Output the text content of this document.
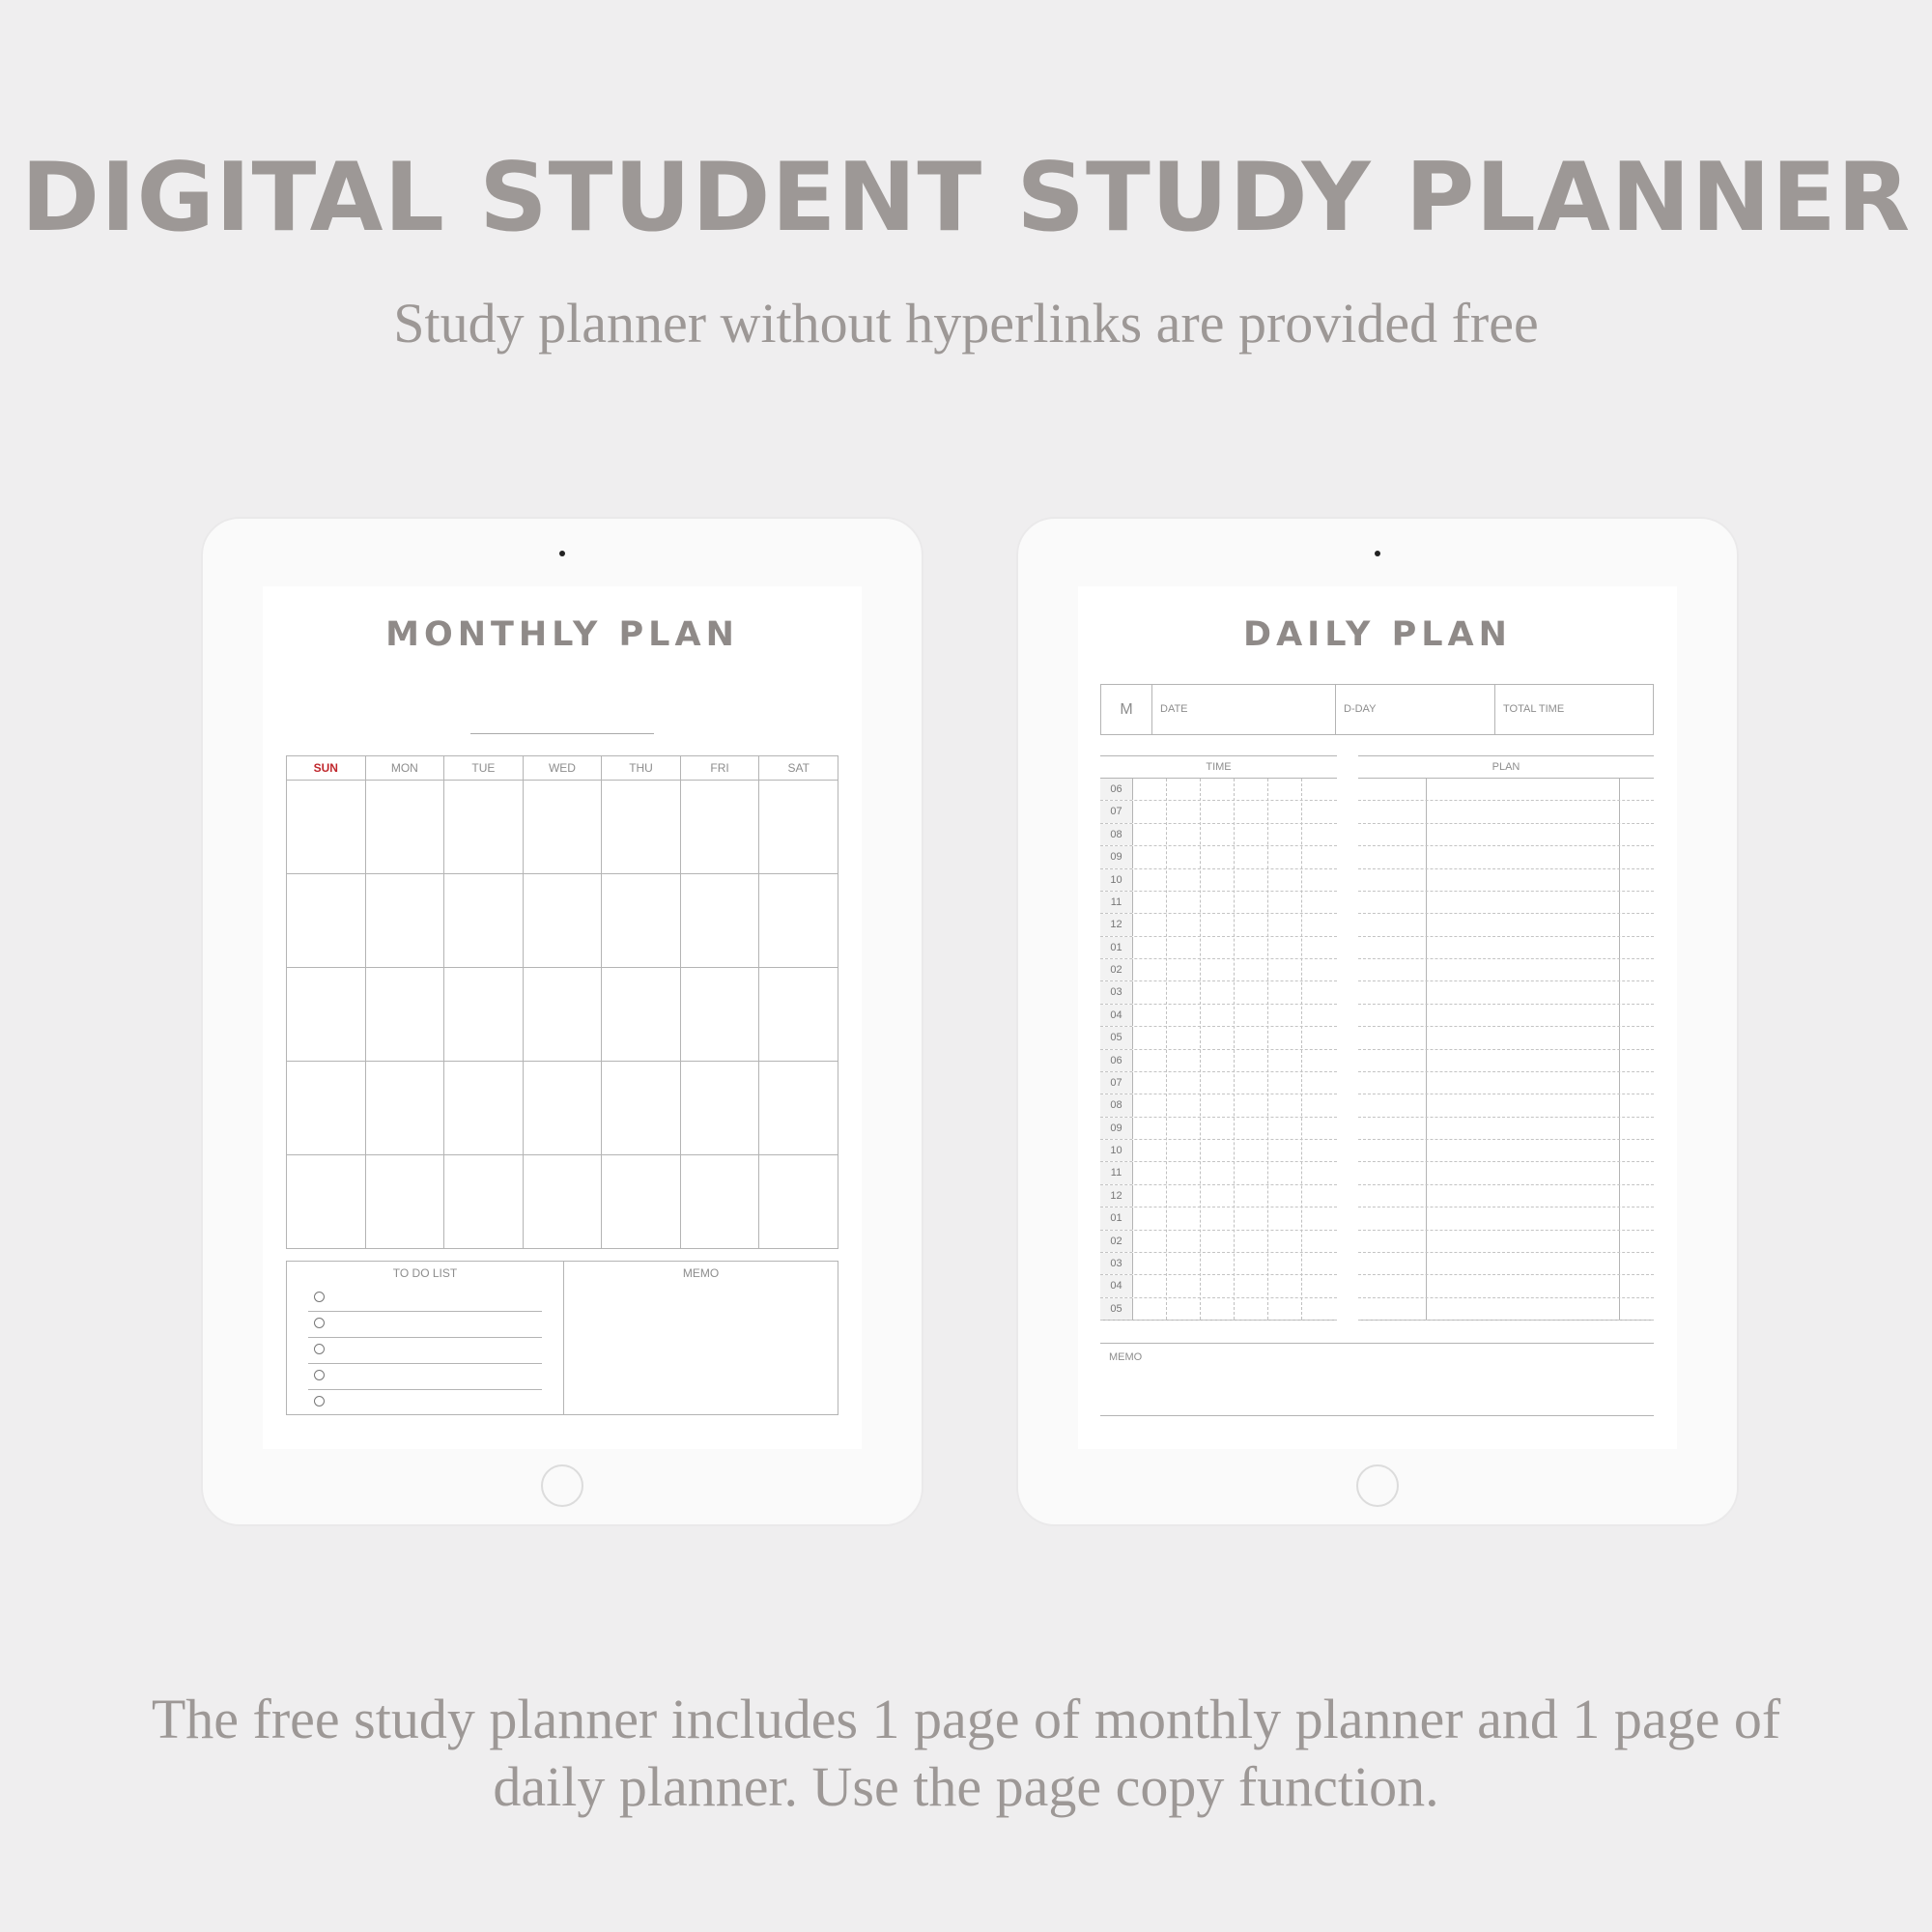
DIGITAL STUDENT STUDY PLANNER
Study planner without hyperlinks are provided free
MONTHLY PLAN
SUN	MON	TUE	WED	THU	FRI	SAT

TO DO LIST	MEMO
DAILY PLAN
M	DATE	D-DAY	TOTAL TIME
TIME
06
07
08
09
10
11
12
01
02
03
04
05
06
07
08
09
10
11
12
01
02
03
04
05
PLAN
MEMO
The free study planner includes 1 page of monthly planner and 1 page of daily planner. Use the page copy function.
